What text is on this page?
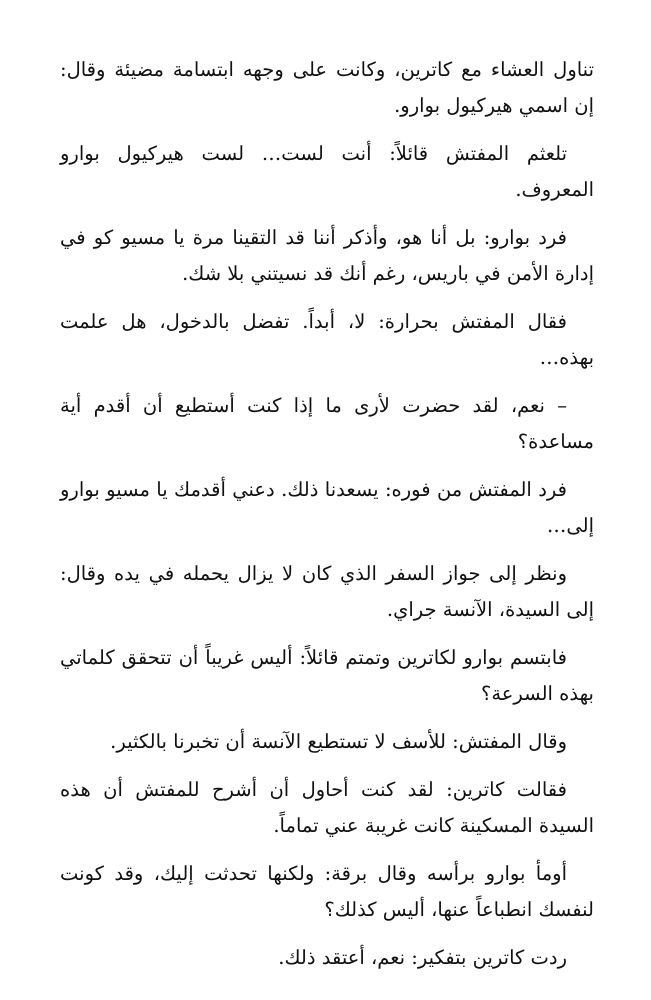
تناول العشاء مع كاترين، وكانت على وجهه ابتسامة مضيئة وقال: إن اسمي هيركيول بوارو.

تلعثم المفتش قائلاً: أنت لست… لست هيركيول بوارو المعروف.

فرد بوارو: بل أنا هو، وأذكر أننا قد التقينا مرة يا مسيو كو في إدارة الأمن في باريس، رغم أنك قد نسيتني بلا شك.

فقال المفتش بحرارة: لا، أبداً. تفضل بالدخول، هل علمت بهذه…

– نعم، لقد حضرت لأرى ما إذا كنت أستطيع أن أقدم أية مساعدة؟

فرد المفتش من فوره: يسعدنا ذلك. دعني أقدمك يا مسيو بوارو إلى…

ونظر إلى جواز السفر الذي كان لا يزال يحمله في يده وقال: إلى السيدة، الآنسة جراي.

فابتسم بوارو لكاترين وتمتم قائلاً: أليس غريباً أن تتحقق كلماتي بهذه السرعة؟

وقال المفتش: للأسف لا تستطيع الآنسة أن تخبرنا بالكثير.

فقالت كاترين: لقد كنت أحاول أن أشرح للمفتش أن هذه السيدة المسكينة كانت غريبة عني تماماً.

أومأ بوارو برأسه وقال برقة: ولكنها تحدثت إليك، وقد كونت لنفسك انطباعاً عنها، أليس كذلك؟

ردت كاترين بتفكير: نعم، أعتقد ذلك.
